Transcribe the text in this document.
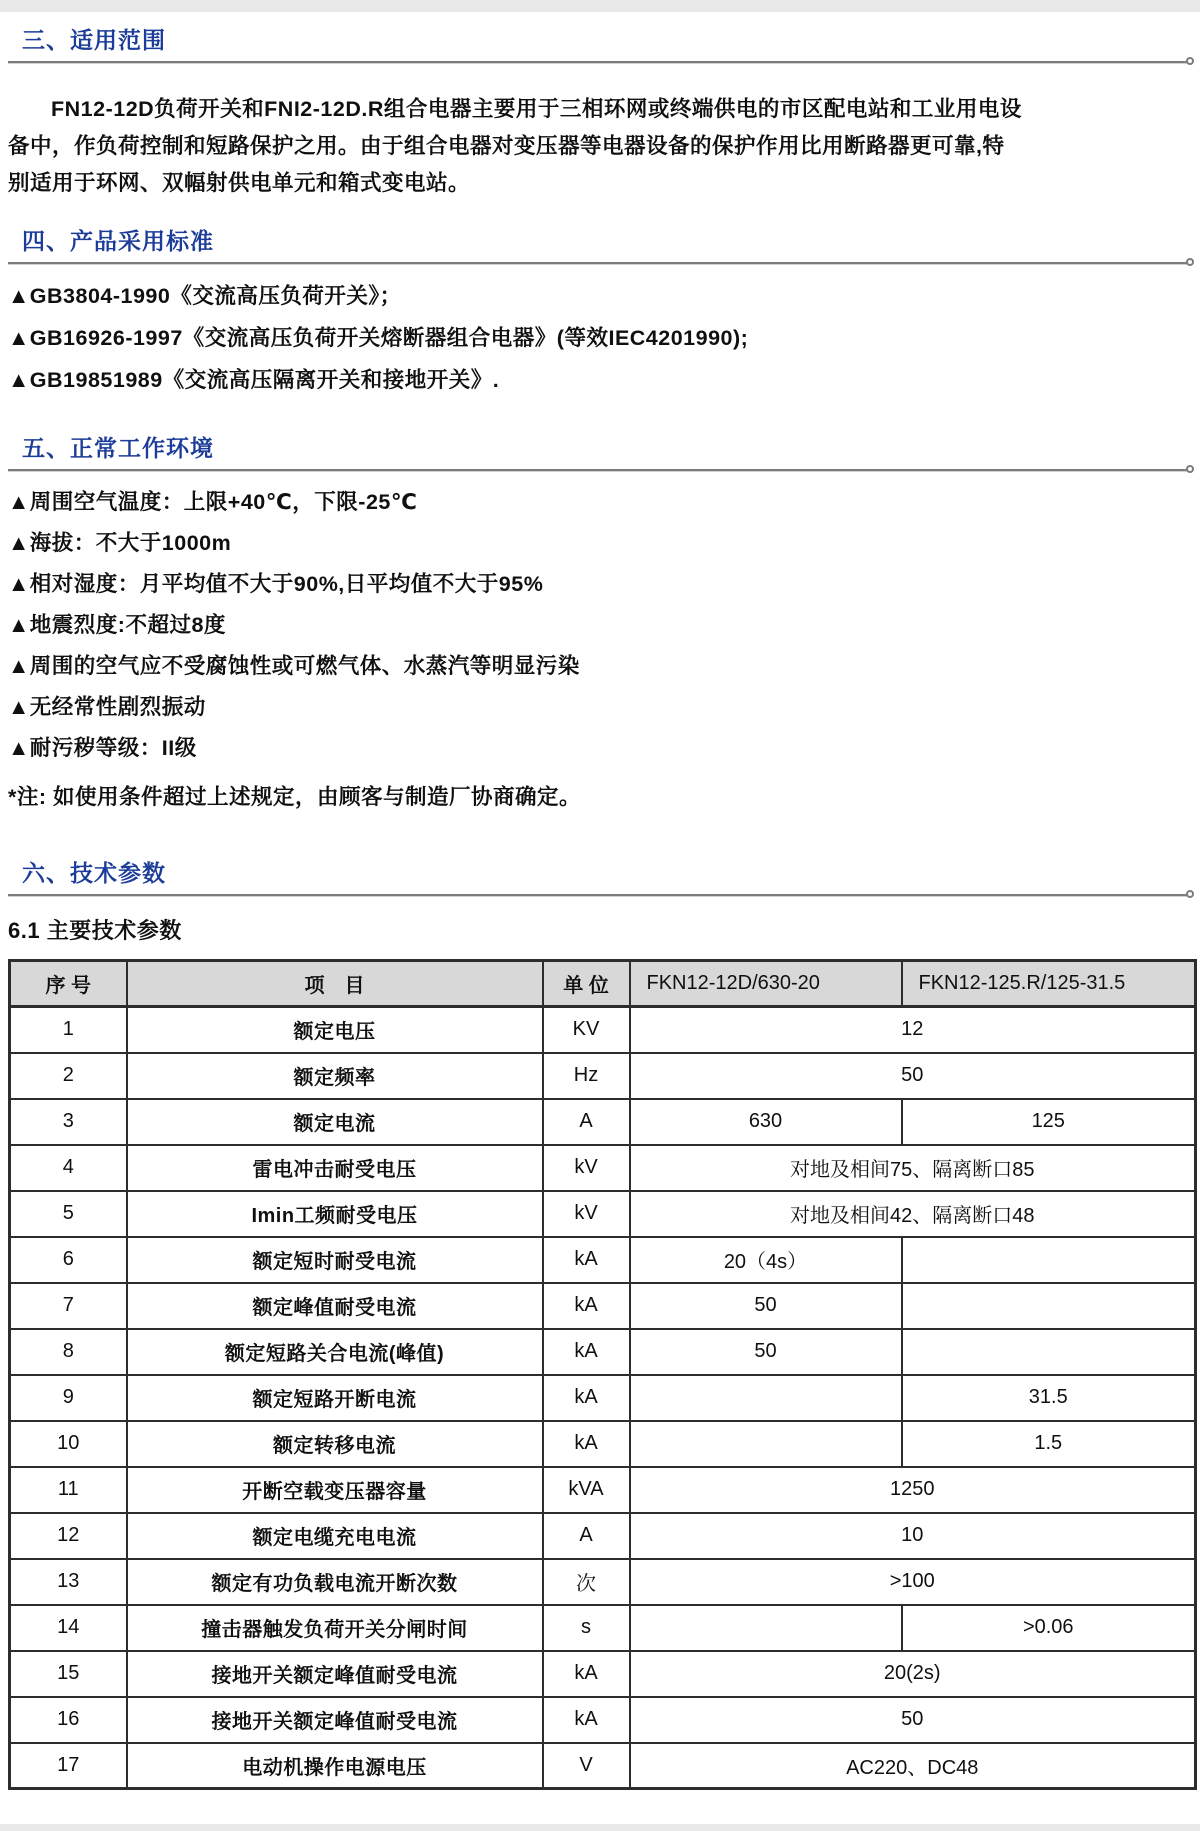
三、适用范围

FN12-12D负荷开关和FNI2-12D.R组合电器主要用于三相环网或终端供电的市区配电站和工业用电设备中，作负荷控制和短路保护之用。由于组合电器对变压器等电器设备的保护作用比用断路器更可靠,特别适用于环网、双幅射供电单元和箱式变电站。

四、产品采用标准
▲GB3804-1990《交流高压负荷开关》；
▲GB16926-1997《交流高压负荷开关熔断器组合电器》(等效IEC4201990);
▲GB19851989《交流高压隔离开关和接地开关》.
五、正常工作环境
▲周围空气温度：上限+40℃，下限-25℃
▲海拔：不大于1000m
▲相对湿度：月平均值不大于90%,日平均值不大于95%
▲地震烈度:不超过8度
▲周围的空气应不受腐蚀性或可燃气体、水蒸汽等明显污染
▲无经常性剧烈振动
▲耐污秽等级：II级
*注: 如使用条件超过上述规定，由顾客与制造厂协商确定。
六、技术参数
6.1 主要技术参数
序 号	项　目	单 位	FKN12-12D/630-20	FKN12-125.R/125-31.5
1	额定电压	KV	12	
2	额定频率	Hz	50	
3	额定电流	A	630	125
4	雷电冲击耐受电压	kV	对地及相间75、隔离断口85	
5	Imin工频耐受电压	kV	对地及相间42、隔离断口48	
6	额定短时耐受电流	kA	20（4s）	
7	额定峰值耐受电流	kA	50	
8	额定短路关合电流(峰值)	kA	50	
9	额定短路开断电流	kA		31.5
10	额定转移电流	kA		1.5
11	开断空载变压器容量	kVA	1250	
12	额定电缆充电电流	A	10	
13	额定有功负载电流开断次数	次	>100	
14	撞击器触发负荷开关分闸时间	s		>0.06
15	接地开关额定峰值耐受电流	kA	20(2s)	
16	接地开关额定峰值耐受电流	kA	50	
17	电动机操作电源电压	V	AC220、DC48	
